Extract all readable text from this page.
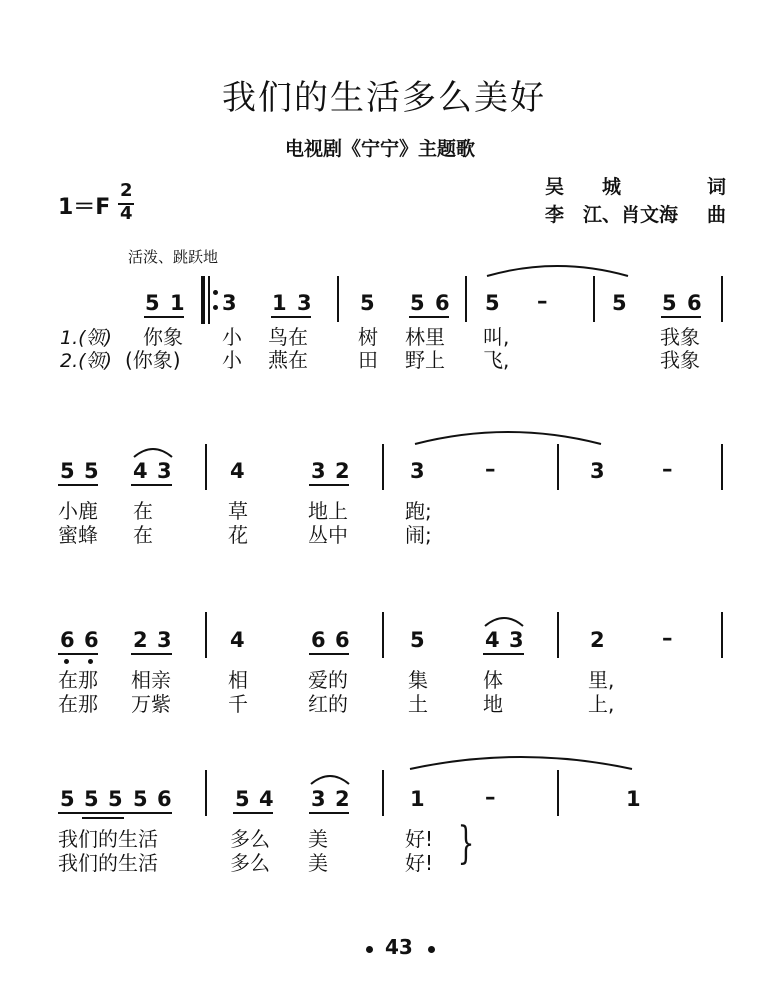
我们的生活多么美好
电视剧《宁宁》主题歌
吴　　城	词
李　江、肖文海 曲
1＝F
2
4
活泼、跳跃地
5 1 3 1 3 5 5 6 5 –	5 5 6
1.(领) 你象 小 鸟在	树 林里 叫,	我象
2.(领) (你象) 小 燕在	田 野上 飞,	我象
5 5 4 3	4	3 2	3	–	3	–
小鹿 在	草	地上	跑;
蜜蜂 在	花	丛中	闹;
6 6 2 3	4	6 6	5	4 3	2	–
在那 相亲	相	爱的	集	体	里,
在那 万紫	千	红的	土	地	上,
5 5 5 5 6	5 4 3 2	1	–	1
我们的生活	多么 美	好!
我们的生活	多么 美	好! }
43
